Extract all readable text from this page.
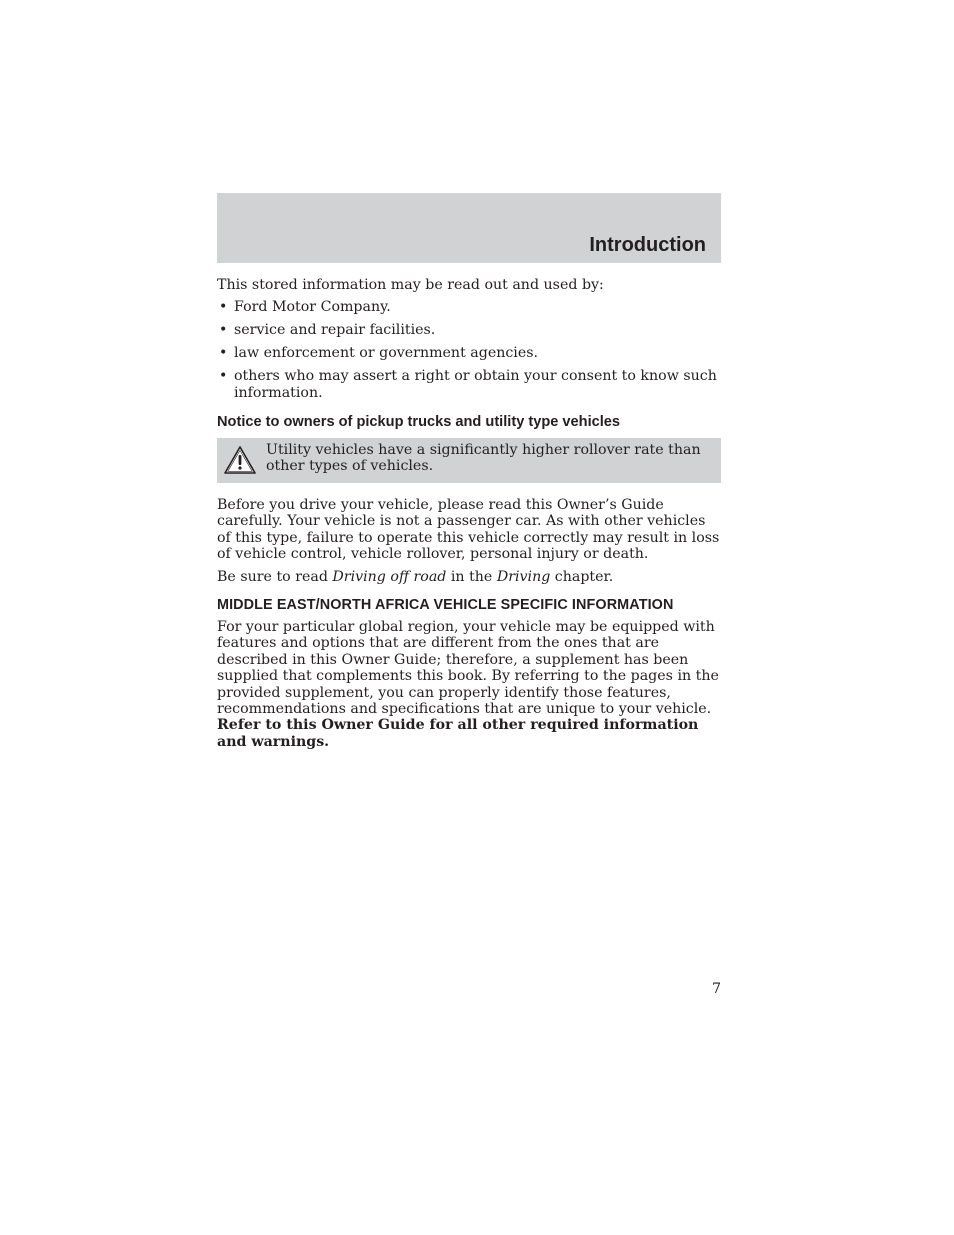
Introduction

This stored information may be read out and used by:

• Ford Motor Company.
• service and repair facilities.
• law enforcement or government agencies.
• others who may assert a right or obtain your consent to know such information.
Notice to owners of pickup trucks and utility type vehicles
Utility vehicles have a significantly higher rollover rate than other types of vehicles.

Before you drive your vehicle, please read this Owner’s Guide carefully. Your vehicle is not a passenger car. As with other vehicles of this type, failure to operate this vehicle correctly may result in loss of vehicle control, vehicle rollover, personal injury or death.

Be sure to read Driving off road in the Driving chapter.

MIDDLE EAST/NORTH AFRICA VEHICLE SPECIFIC INFORMATION

For your particular global region, your vehicle may be equipped with features and options that are different from the ones that are described in this Owner Guide; therefore, a supplement has been supplied that complements this book. By referring to the pages in the provided supplement, you can properly identify those features, recommendations and specifications that are unique to your vehicle. Refer to this Owner Guide for all other required information and warnings.

7
